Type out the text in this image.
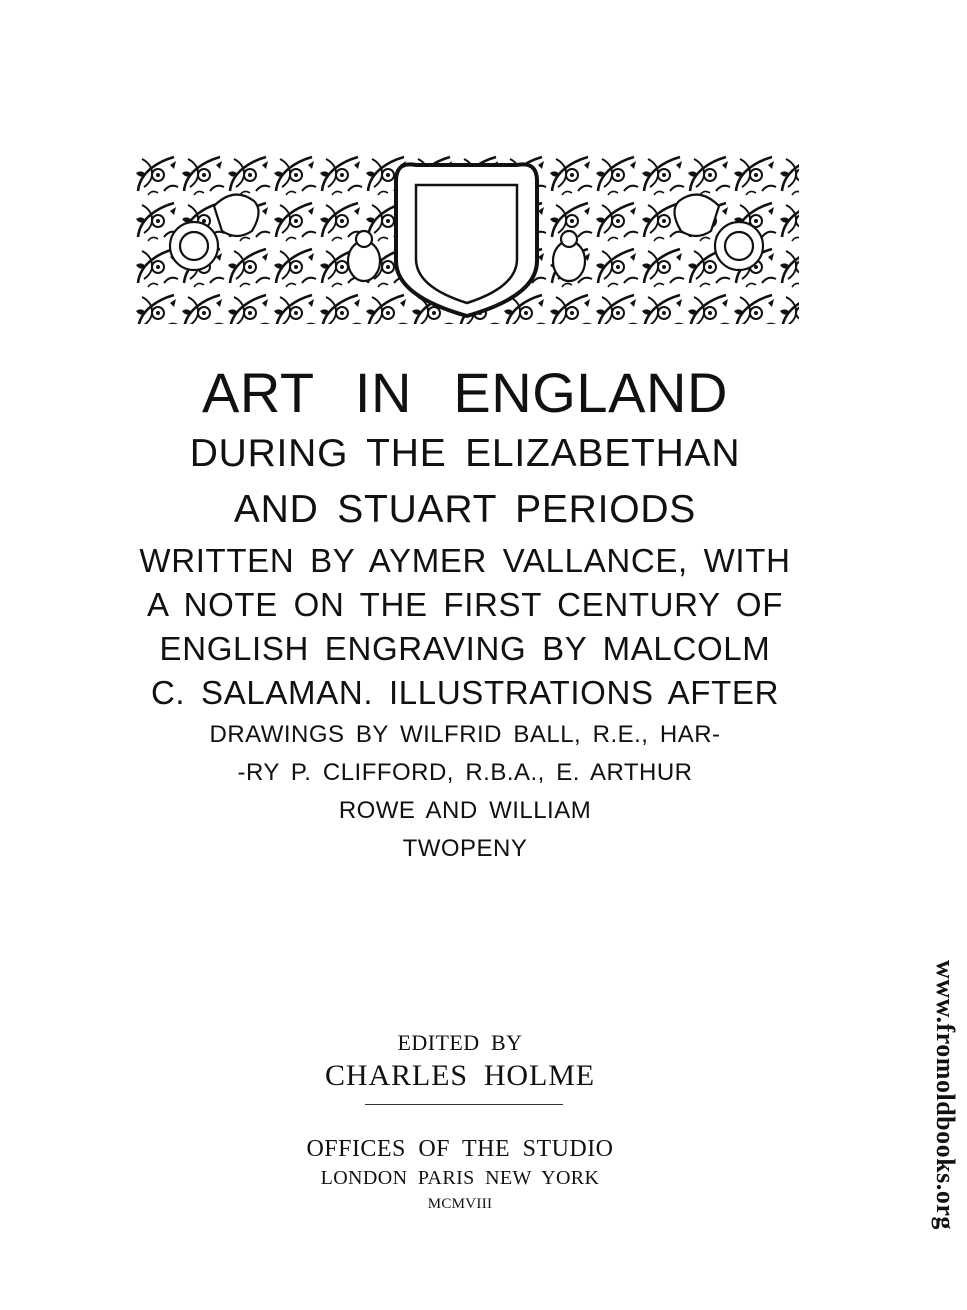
ART IN ENGLAND
DURING THE ELIZABETHAN
AND STUART PERIODS
WRITTEN BY AYMER VALLANCE, WITH
A NOTE ON THE FIRST CENTURY OF
ENGLISH ENGRAVING BY MALCOLM
C. SALAMAN. ILLUSTRATIONS AFTER
DRAWINGS BY WILFRID BALL, R.E., HAR-
-RY P. CLIFFORD, R.B.A., E. ARTHUR
ROWE AND WILLIAM
TWOPENY
EDITED BY
CHARLES HOLME
OFFICES OF THE STUDIO
LONDON PARIS NEW YORK
MCMVIII	www.fromoldbooks.org
